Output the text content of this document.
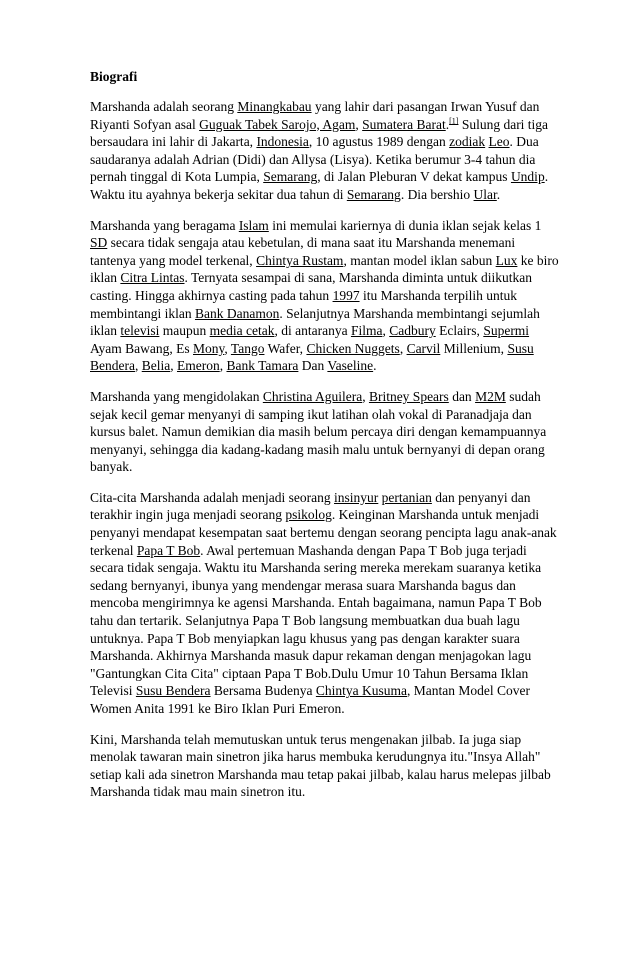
Biografi

Marshanda adalah seorang Minangkabau yang lahir dari pasangan Irwan Yusuf dan Riyanti Sofyan asal Guguak Tabek Sarojo, Agam, Sumatera Barat.[1] Sulung dari tiga bersaudara ini lahir di Jakarta, Indonesia, 10 agustus 1989 dengan zodiak Leo. Dua saudaranya adalah Adrian (Didi) dan Allysa (Lisya). Ketika berumur 3-4 tahun dia pernah tinggal di Kota Lumpia, Semarang, di Jalan Pleburan V dekat kampus Undip. Waktu itu ayahnya bekerja sekitar dua tahun di Semarang. Dia bershio Ular.

Marshanda yang beragama Islam ini memulai kariernya di dunia iklan sejak kelas 1 SD secara tidak sengaja atau kebetulan, di mana saat itu Marshanda menemani tantenya yang model terkenal, Chintya Rustam, mantan model iklan sabun Lux ke biro iklan Citra Lintas. Ternyata sesampai di sana, Marshanda diminta untuk diikutkan casting. Hingga akhirnya casting pada tahun 1997 itu Marshanda terpilih untuk membintangi iklan Bank Danamon. Selanjutnya Marshanda membintangi sejumlah iklan televisi maupun media cetak, di antaranya Filma, Cadbury Eclairs, Supermi Ayam Bawang, Es Mony, Tango Wafer, Chicken Nuggets, Carvil Millenium, Susu Bendera, Belia, Emeron, Bank Tamara Dan Vaseline.

Marshanda yang mengidolakan Christina Aguilera, Britney Spears dan M2M sudah sejak kecil gemar menyanyi di samping ikut latihan olah vokal di Paranadjaja dan kursus balet. Namun demikian dia masih belum percaya diri dengan kemampuannya menyanyi, sehingga dia kadang-kadang masih malu untuk bernyanyi di depan orang banyak.

Cita-cita Marshanda adalah menjadi seorang insinyur pertanian dan penyanyi dan terakhir ingin juga menjadi seorang psikolog. Keinginan Marshanda untuk menjadi penyanyi mendapat kesempatan saat bertemu dengan seorang pencipta lagu anak-anak terkenal Papa T Bob. Awal pertemuan Mashanda dengan Papa T Bob juga terjadi secara tidak sengaja. Waktu itu Marshanda sering mereka merekam suaranya ketika sedang bernyanyi, ibunya yang mendengar merasa suara Marshanda bagus dan mencoba mengirimnya ke agensi Marshanda. Entah bagaimana, namun Papa T Bob tahu dan tertarik. Selanjutnya Papa T Bob langsung membuatkan dua buah lagu untuknya. Papa T Bob menyiapkan lagu khusus yang pas dengan karakter suara Marshanda. Akhirnya Marshanda masuk dapur rekaman dengan menjagokan lagu "Gantungkan Cita Cita" ciptaan Papa T Bob.Dulu Umur 10 Tahun Bersama Iklan Televisi Susu Bendera Bersama Budenya Chintya Kusuma, Mantan Model Cover Women Anita 1991 ke Biro Iklan Puri Emeron.

Kini, Marshanda telah memutuskan untuk terus mengenakan jilbab. Ia juga siap menolak tawaran main sinetron jika harus membuka kerudungnya itu."Insya Allah" setiap kali ada sinetron Marshanda mau tetap pakai jilbab, kalau harus melepas jilbab Marshanda tidak mau main sinetron itu.
